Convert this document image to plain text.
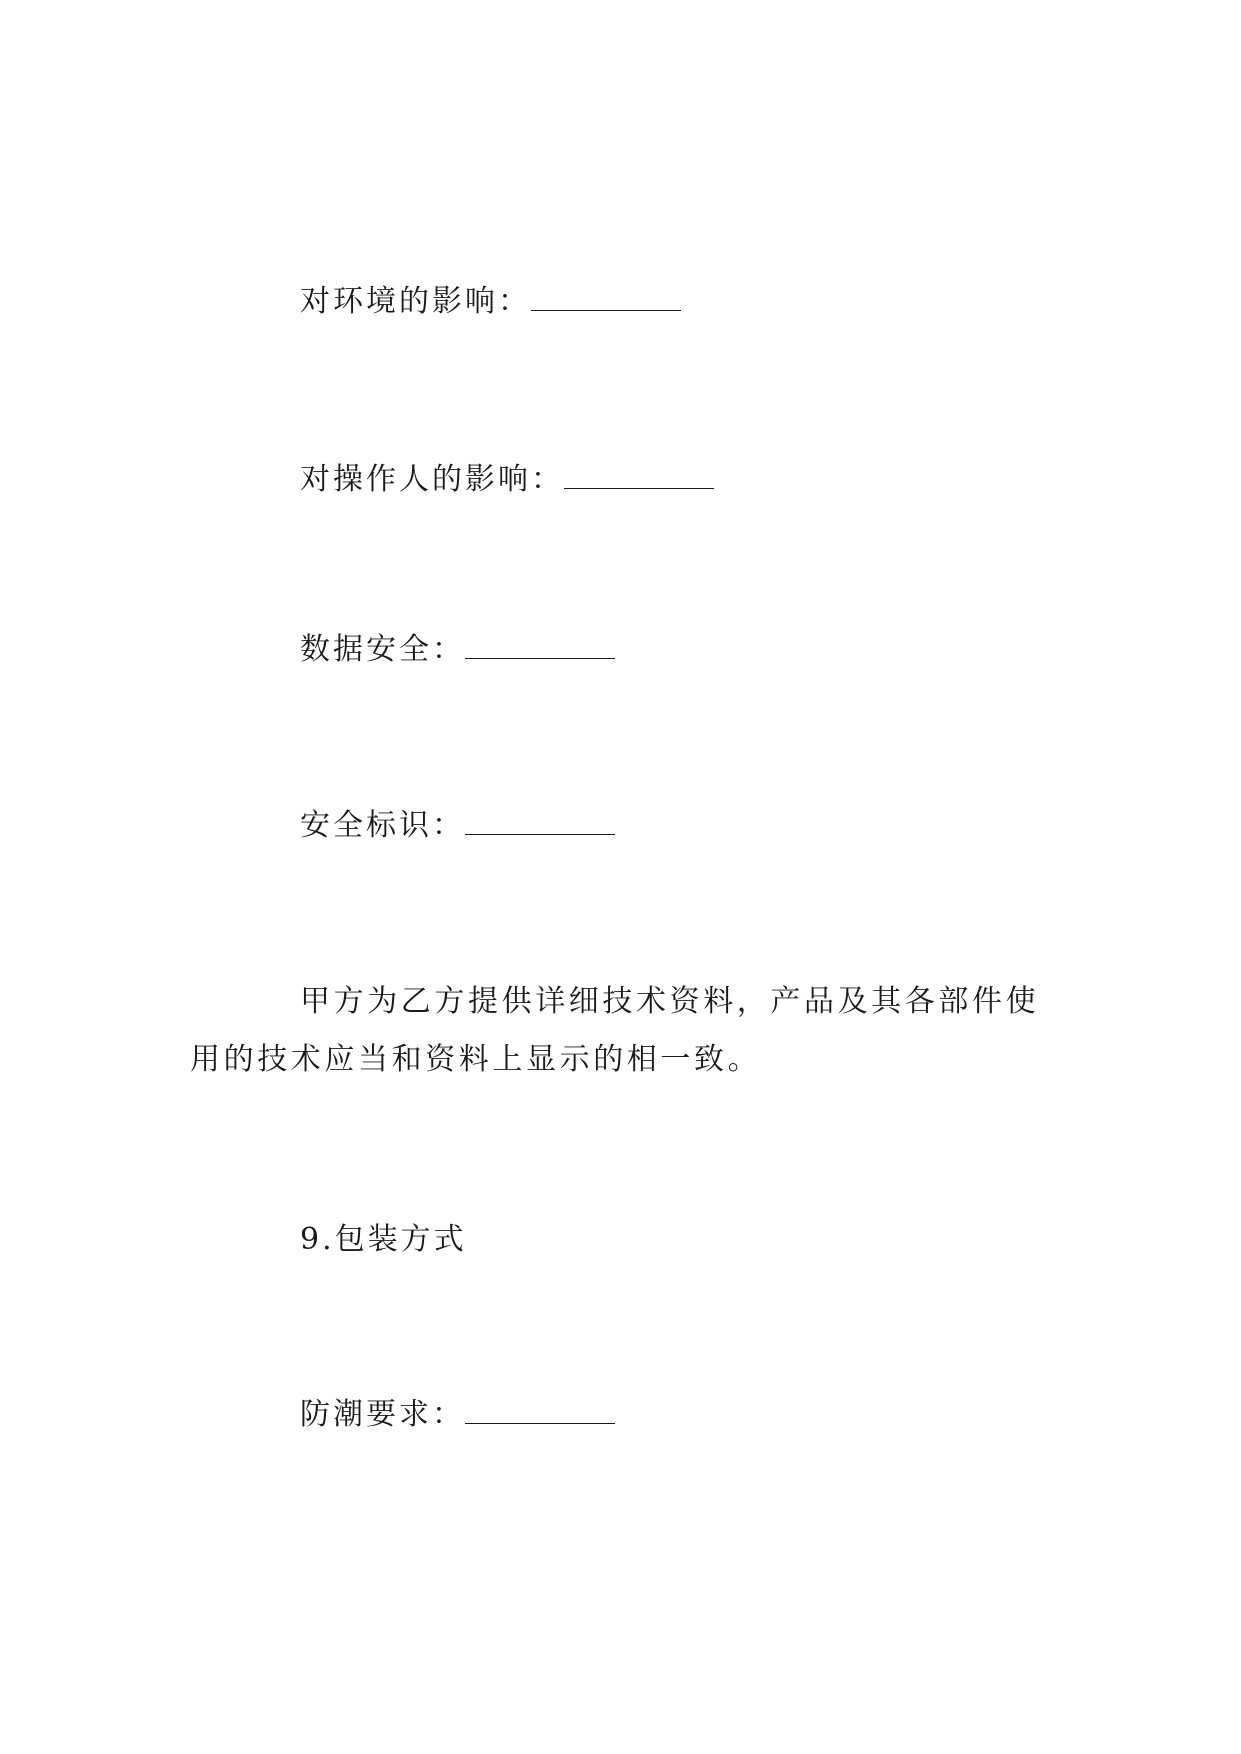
对环境的影响：
对操作人的影响：
数据安全：
安全标识：
甲方为乙方提供详细技术资料，产品及其各部件使用的技术应当和资料上显示的相一致。
9.包装方式
防潮要求：
